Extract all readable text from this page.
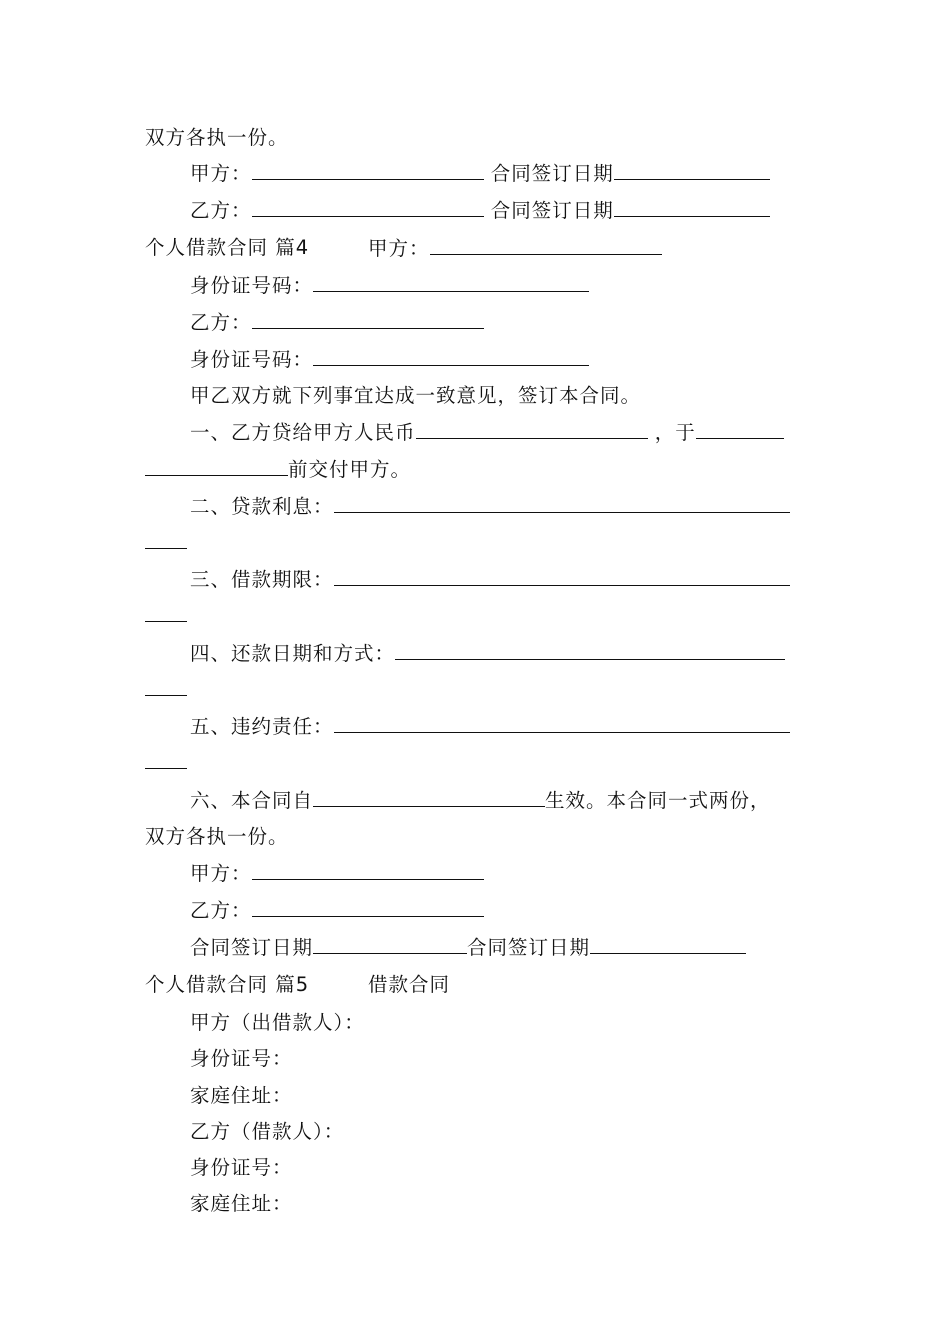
双方各执一份。
甲方：	合同签订日期
乙方：	合同签订日期
个人借款合同 篇4	甲方：
身份证号码：
乙方：
身份证号码：
甲乙双方就下列事宜达成一致意见，签订本合同。
一、乙方贷给甲方人民币	，于
前交付甲方。
二、贷款利息：
三、借款期限：
四、还款日期和方式：
五、违约责任：
六、本合同自	生效。本合同一式两份，
双方各执一份。
甲方：
乙方：
合同签订日期	合同签订日期
个人借款合同 篇5	借款合同
甲方（出借款人）：
身份证号：
家庭住址：
乙方（借款人）：
身份证号：
家庭住址：
